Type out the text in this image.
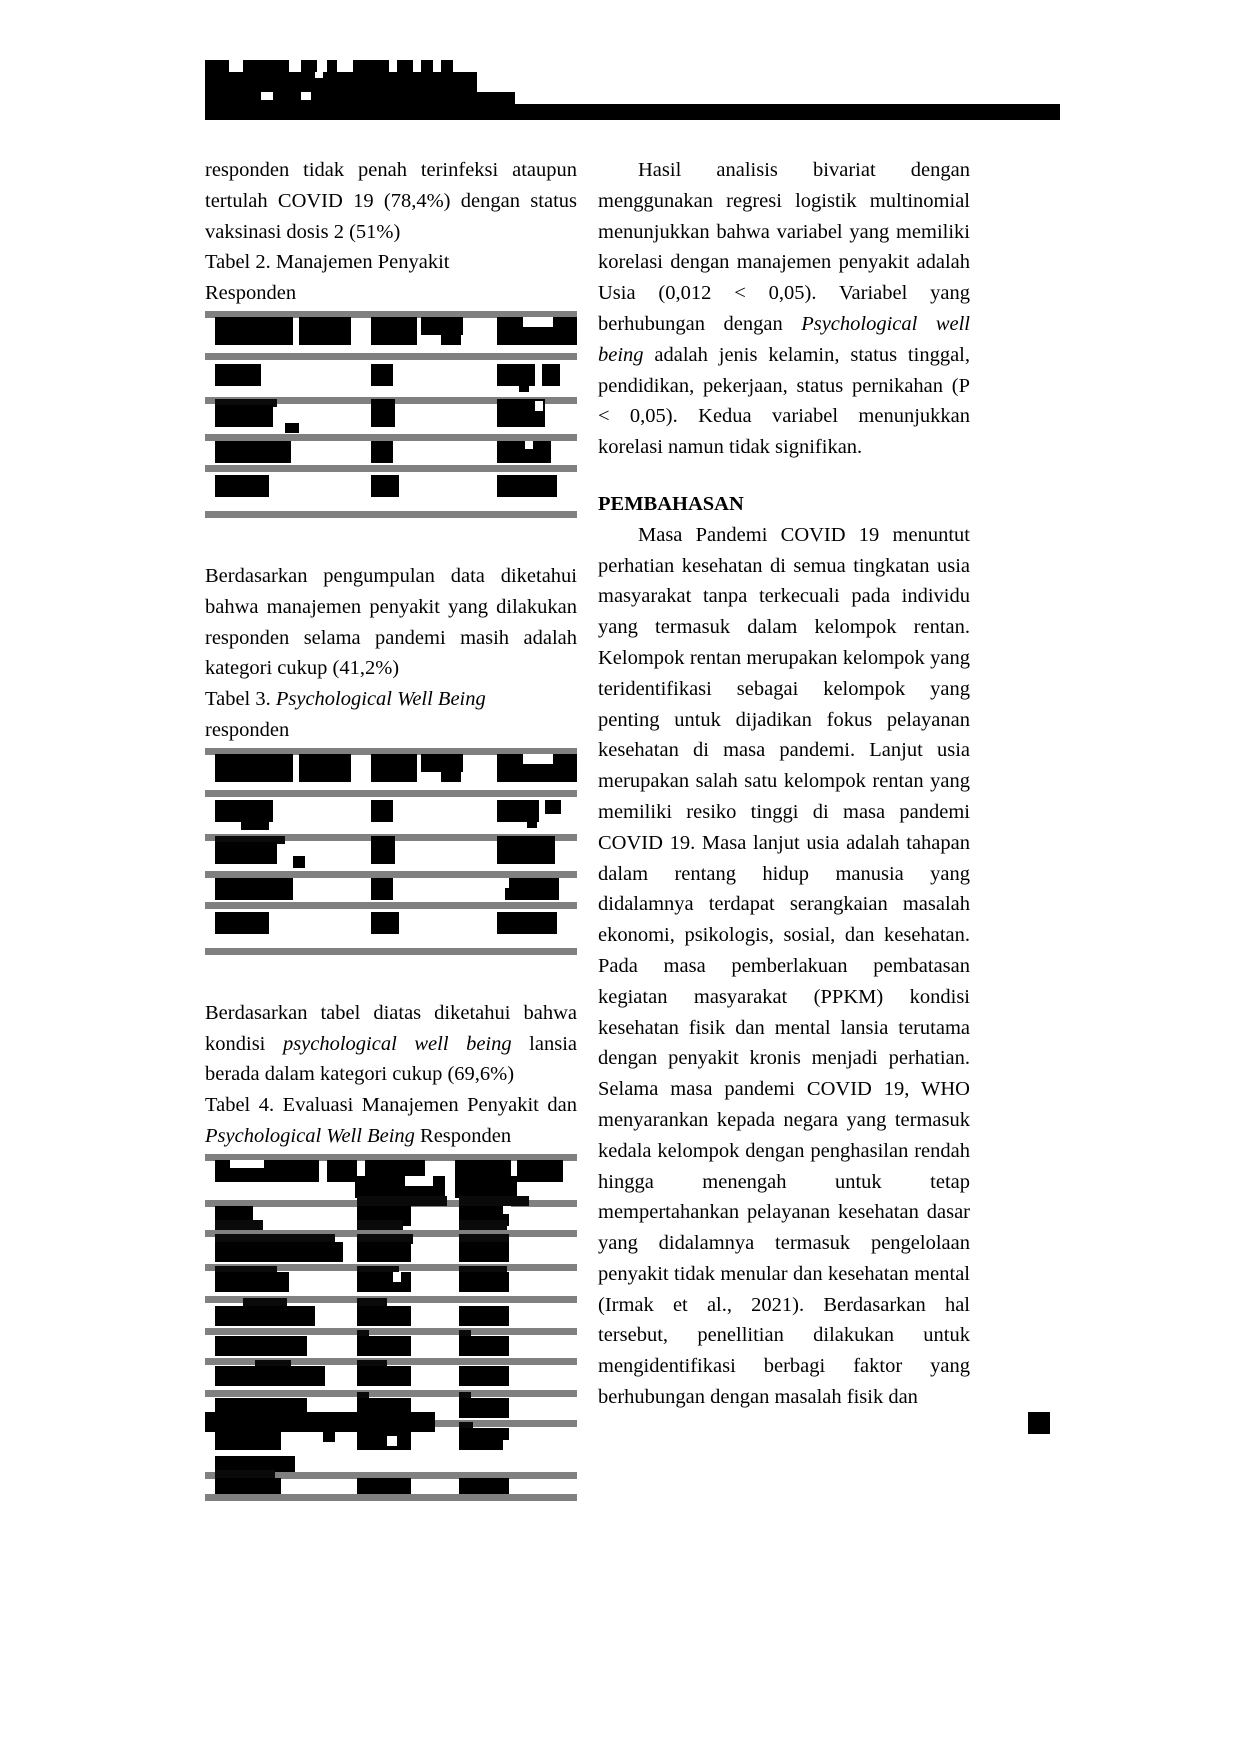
responden tidak penah terinfeksi ataupun tertulah COVID 19 (78,4%) dengan status vaksinasi dosis 2 (51%)

Tabel 2. Manajemen Penyakit

Responden

Berdasarkan pengumpulan data diketahui bahwa manajemen penyakit yang dilakukan responden selama pandemi masih adalah kategori cukup (41,2%)

Tabel 3. Psychological Well Being

responden

Berdasarkan tabel diatas diketahui bahwa kondisi psychological well being lansia berada dalam kategori cukup (69,6%)

Tabel 4. Evaluasi Manajemen Penyakit dan Psychological Well Being Responden

Hasil analisis bivariat dengan menggunakan regresi logistik multinomial menunjukkan bahwa variabel yang memiliki korelasi dengan manajemen penyakit adalah Usia (0,012 < 0,05). Variabel yang berhubungan dengan Psychological well being adalah jenis kelamin, status tinggal, pendidikan, pekerjaan, status pernikahan (P < 0,05). Kedua variabel menunjukkan korelasi namun tidak signifikan.

PEMBAHASAN

Masa Pandemi COVID 19 menuntut perhatian kesehatan di semua tingkatan usia masyarakat tanpa terkecuali pada individu yang termasuk dalam kelompok rentan. Kelompok rentan merupakan kelompok yang teridentifikasi sebagai kelompok yang penting untuk dijadikan fokus pelayanan kesehatan di masa pandemi. Lanjut usia merupakan salah satu kelompok rentan yang memiliki resiko tinggi di masa pandemi COVID 19. Masa lanjut usia adalah tahapan dalam rentang hidup manusia yang didalamnya terdapat serangkaian masalah ekonomi, psikologis, sosial, dan kesehatan. Pada masa pemberlakuan pembatasan kegiatan masyarakat (PPKM) kondisi kesehatan fisik dan mental lansia terutama dengan penyakit kronis menjadi perhatian. Selama masa pandemi COVID 19, WHO menyarankan kepada negara yang termasuk kedala kelompok dengan penghasilan rendah hingga menengah untuk tetap mempertahankan pelayanan kesehatan dasar yang didalamnya termasuk pengelolaan penyakit tidak menular dan kesehatan mental (Irmak et al., 2021). Berdasarkan hal tersebut, penellitian dilakukan untuk mengidentifikasi berbagi faktor yang berhubungan dengan masalah fisik dan
